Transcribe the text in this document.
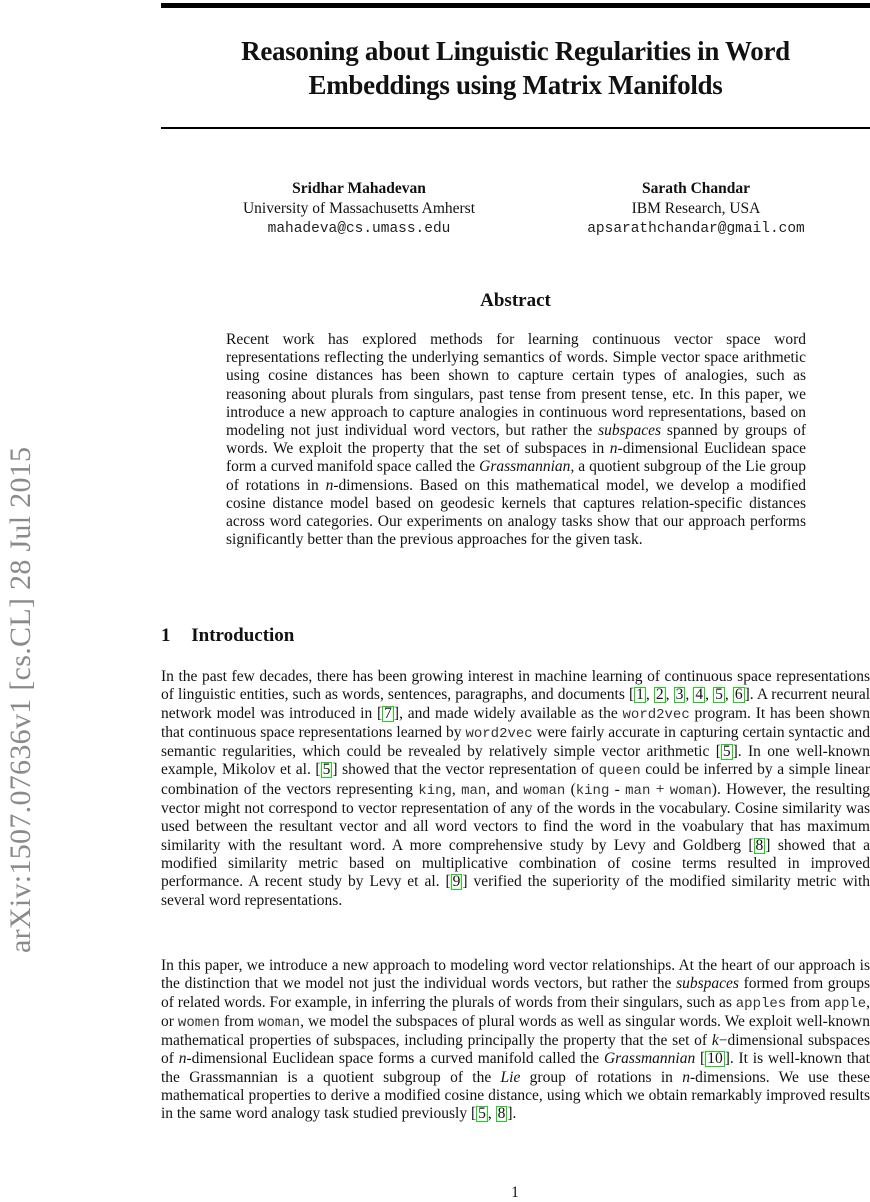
arXiv:1507.07636v1 [cs.CL] 28 Jul 2015
Reasoning about Linguistic Regularities in Word
Embeddings using Matrix Manifolds
Sridhar Mahadevan
University of Massachusetts Amherst
mahadeva@cs.umass.edu
Sarath Chandar
IBM Research, USA
apsarathchandar@gmail.com
Abstract
Recent work has explored methods for learning continuous vector space word representations reflecting the underlying semantics of words. Simple vector space arithmetic using cosine distances has been shown to capture certain types of analogies, such as reasoning about plurals from singulars, past tense from present tense, etc. In this paper, we introduce a new approach to capture analogies in continuous word representations, based on modeling not just individual word vectors, but rather the subspaces spanned by groups of words. We exploit the property that the set of subspaces in n-dimensional Euclidean space form a curved manifold space called the Grassmannian, a quotient subgroup of the Lie group of rotations in n-dimensions. Based on this mathematical model, we develop a modified cosine distance model based on geodesic kernels that captures relation-specific distances across word categories. Our experiments on analogy tasks show that our approach performs significantly better than the previous approaches for the given task.
1 Introduction
In the past few decades, there has been growing interest in machine learning of continuous space representations of linguistic entities, such as words, sentences, paragraphs, and documents [ 1 , 2 , 3 , 4 , 5 , 6 ]. A recurrent neural network model was introduced in [ 7 ], and made widely available as the word2vec program. It has been shown that continuous space representations learned by word2vec were fairly accurate in capturing certain syntactic and semantic regularities, which could be revealed by relatively simple vector arithmetic [ 5 ]. In one well-known example, Mikolov et al. [ 5 ] showed that the vector representation of queen could be inferred by a simple linear combination of the vectors representing king, man, and woman (king - man + woman). However, the resulting vector might not correspond to vector representation of any of the words in the vocabulary. Cosine similarity was used between the resultant vector and all word vectors to find the word in the voabulary that has maximum similarity with the resultant word. A more comprehensive study by Levy and Goldberg [ 8 ] showed that a modified similarity metric based on multiplicative combination of cosine terms resulted in improved performance. A recent study by Levy et al. [ 9 ] verified the superiority of the modified similarity metric with several word representations.
In this paper, we introduce a new approach to modeling word vector relationships. At the heart of our approach is the distinction that we model not just the individual words vectors, but rather the subspaces formed from groups of related words. For example, in inferring the plurals of words from their singulars, such as apples from apple, or women from woman, we model the subspaces of plural words as well as singular words. We exploit well-known mathematical properties of subspaces, including principally the property that the set of k−dimensional subspaces of n-dimensional Euclidean space forms a curved manifold called the Grassmannian [ 10 ]. It is well-known that the Grassmannian is a quotient subgroup of the Lie group of rotations in n-dimensions. We use these mathematical properties to derive a modified cosine distance, using which we obtain remarkably improved results in the same word analogy task studied previously [ 5 , 8 ].
1
